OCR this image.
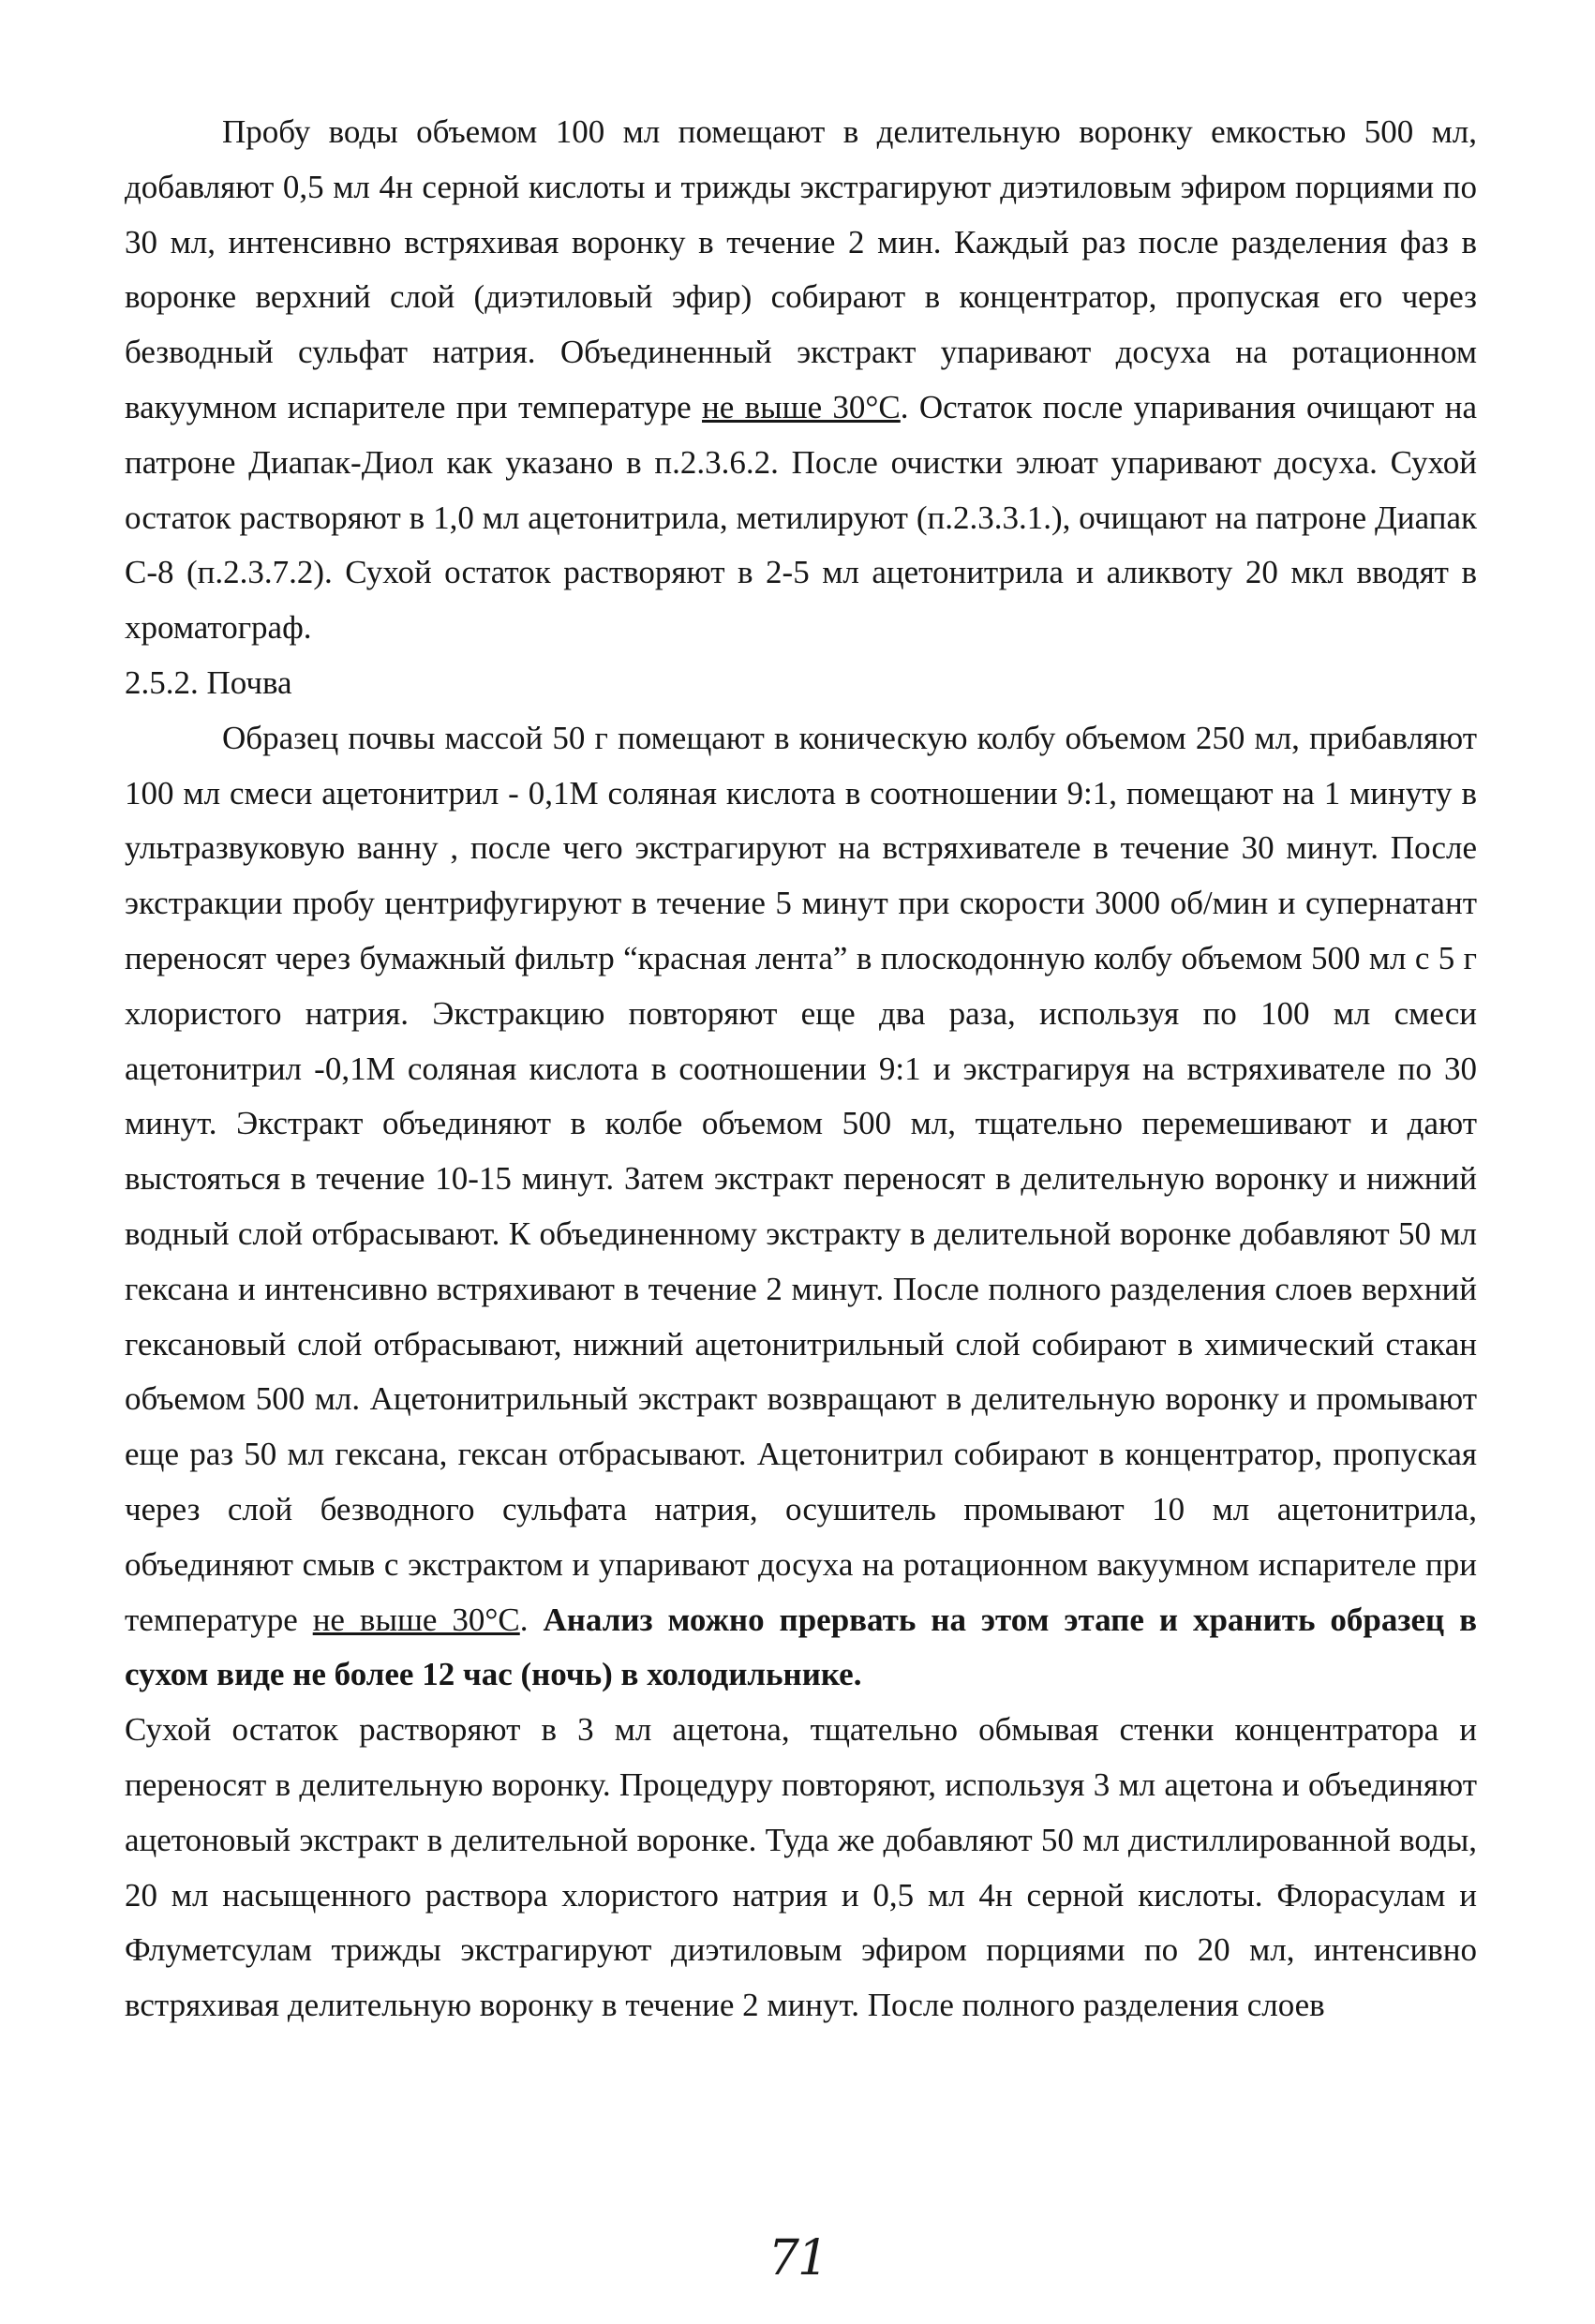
Пробу воды объемом 100 мл помещают в делительную воронку емкостью 500 мл, добавляют 0,5 мл 4н серной кислоты и трижды экстрагируют диэтиловым эфиром порциями по 30 мл, интенсивно встряхивая воронку в течение 2 мин. Каждый раз после разделения фаз в воронке верхний слой (диэтиловый эфир) собирают в концентратор, пропуская его через безводный сульфат натрия. Объединенный экстракт упаривают досуха на ротационном вакуумном испарителе при температуре не выше 30°С. Остаток после упаривания очищают на патроне Диапак-Диол как указано в п.2.3.6.2. После очистки элюат упаривают досуха. Сухой остаток растворяют в 1,0 мл ацетонитрила, метилируют (п.2.3.3.1.), очищают на патроне Диапак С-8 (п.2.3.7.2). Сухой остаток растворяют в 2-5 мл ацетонитрила и аликвоту 20 мкл вводят в хроматограф.

2.5.2. Почва

Образец почвы массой 50 г помещают в коническую колбу объемом 250 мл, прибавляют 100 мл смеси ацетонитрил - 0,1М соляная кислота в соотношении 9:1, помещают на 1 минуту в ультразвуковую ванну , после чего экстрагируют на встряхивателе в течение 30 минут. После экстракции пробу центрифугируют в течение 5 минут при скорости 3000 об/мин и супернатант переносят через бумажный фильтр “красная лента” в плоскодонную колбу объемом 500 мл с 5 г хлористого натрия. Экстракцию повторяют еще два раза, используя по 100 мл смеси ацетонитрил -0,1М соляная кислота в соотношении 9:1 и экстрагируя на встряхивателе по 30 минут. Экстракт объединяют в колбе объемом 500 мл, тщательно перемешивают и дают выстояться в течение 10-15 минут. Затем экстракт переносят в делительную воронку и нижний водный слой отбрасывают. К объединенному экстракту в делительной воронке добавляют 50 мл гексана и интенсивно встряхивают в течение 2 минут. После полного разделения слоев верхний гексановый слой отбрасывают, нижний ацетонитрильный слой собирают в химический стакан объемом 500 мл. Ацетонитрильный экстракт возвращают в делительную воронку и промывают еще раз 50 мл гексана, гексан отбрасывают. Ацетонитрил собирают в концентратор, пропуская через слой безводного сульфата натрия, осушитель промывают 10 мл ацетонитрила, объединяют смыв с экстрактом и упаривают досуха на ротационном вакуумном испарителе при температуре не выше 30°С. Анализ можно прервать на этом этапе и хранить образец в сухом виде не более 12 час (ночь) в холодильнике.

Сухой остаток растворяют в 3 мл ацетона, тщательно обмывая стенки концентратора и переносят в делительную воронку. Процедуру повторяют, используя 3 мл ацетона и объединяют ацетоновый экстракт в делительной воронке. Туда же добавляют 50 мл дистиллированной воды, 20 мл насыщенного раствора хлористого натрия и 0,5 мл 4н серной кислоты. Флорасулам и Флуметсулам трижды экстрагируют диэтиловым эфиром порциями по 20 мл, интенсивно встряхивая делительную воронку в течение 2 минут. После полного разделения слоев

71
